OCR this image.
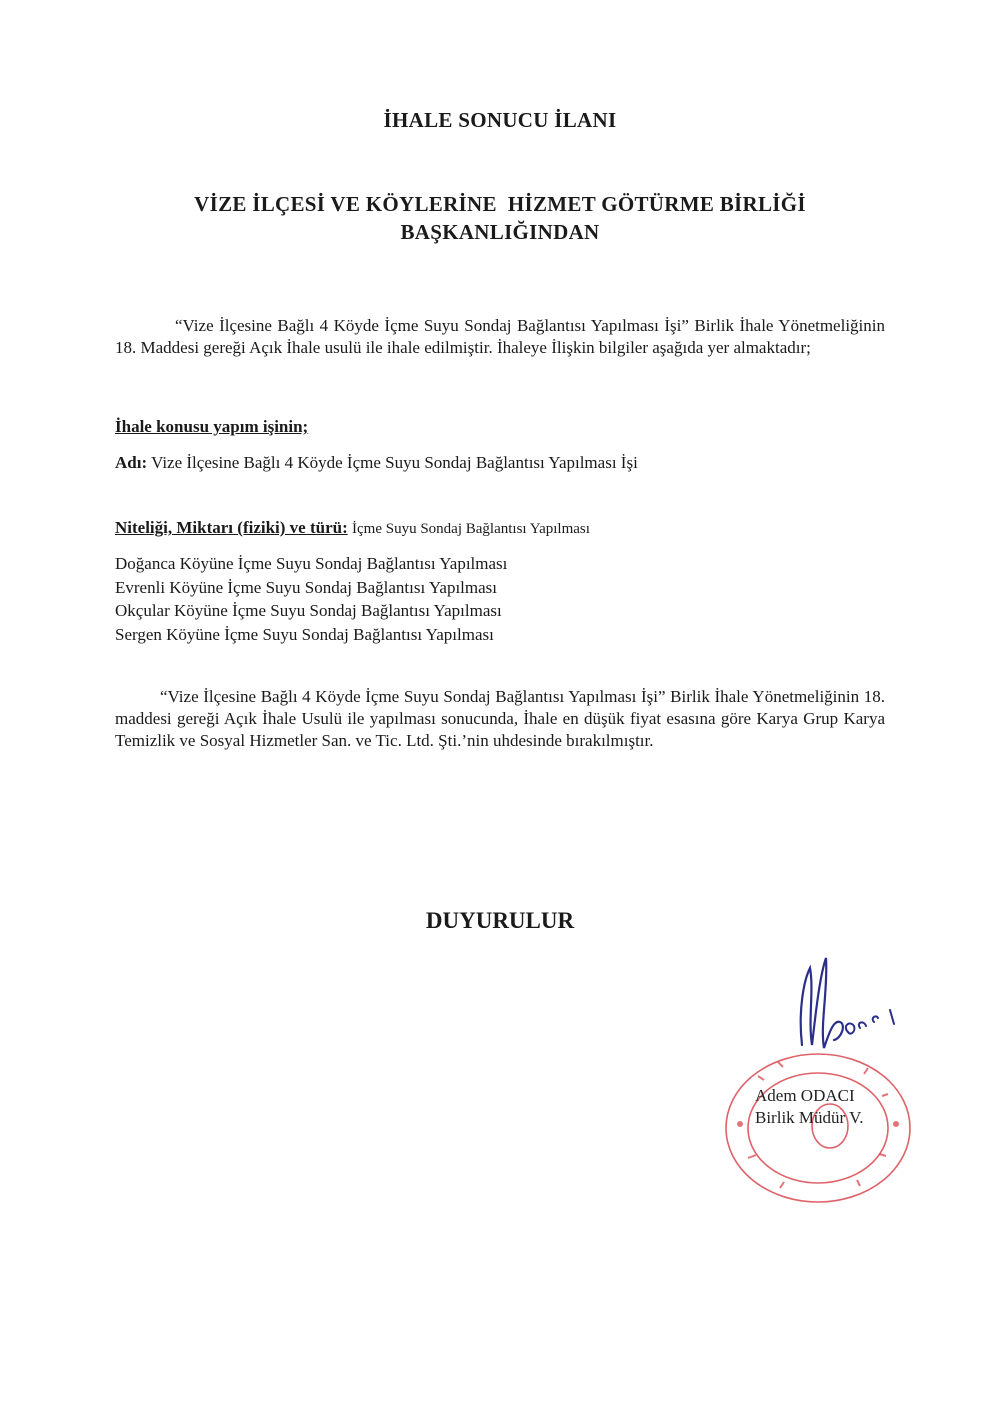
İHALE SONUCU İLANI
VİZE İLÇESİ VE KÖYLERİNE  HİZMET GÖTÜRME BİRLİĞİ
BAŞKANLIĞINDAN
“Vize İlçesine Bağlı 4 Köyde İçme Suyu Sondaj Bağlantısı Yapılması İşi” Birlik İhale Yönetmeliğinin 18. Maddesi gereği Açık İhale usulü ile ihale edilmiştir. İhaleye İlişkin bilgiler aşağıda yer almaktadır;
İhale konusu yapım işinin;
Adı: Vize İlçesine Bağlı 4 Köyde İçme Suyu Sondaj Bağlantısı Yapılması İşi
Niteliği, Miktarı (fiziki) ve türü: İçme Suyu Sondaj Bağlantısı Yapılması
Doğanca Köyüne İçme Suyu Sondaj Bağlantısı Yapılması
Evrenli Köyüne İçme Suyu Sondaj Bağlantısı Yapılması
Okçular Köyüne İçme Suyu Sondaj Bağlantısı Yapılması
Sergen Köyüne İçme Suyu Sondaj Bağlantısı Yapılması
“Vize İlçesine Bağlı 4 Köyde İçme Suyu Sondaj Bağlantısı Yapılması İşi” Birlik İhale Yönetmeliğinin 18.  maddesi gereği Açık İhale Usulü ile yapılması sonucunda, İhale en düşük fiyat esasına göre Karya Grup Karya Temizlik ve Sosyal Hizmetler San. ve Tic. Ltd. Şti.’nin uhdesinde bırakılmıştır.
DUYURULUR
Adem ODACI
Birlik Müdür V.
